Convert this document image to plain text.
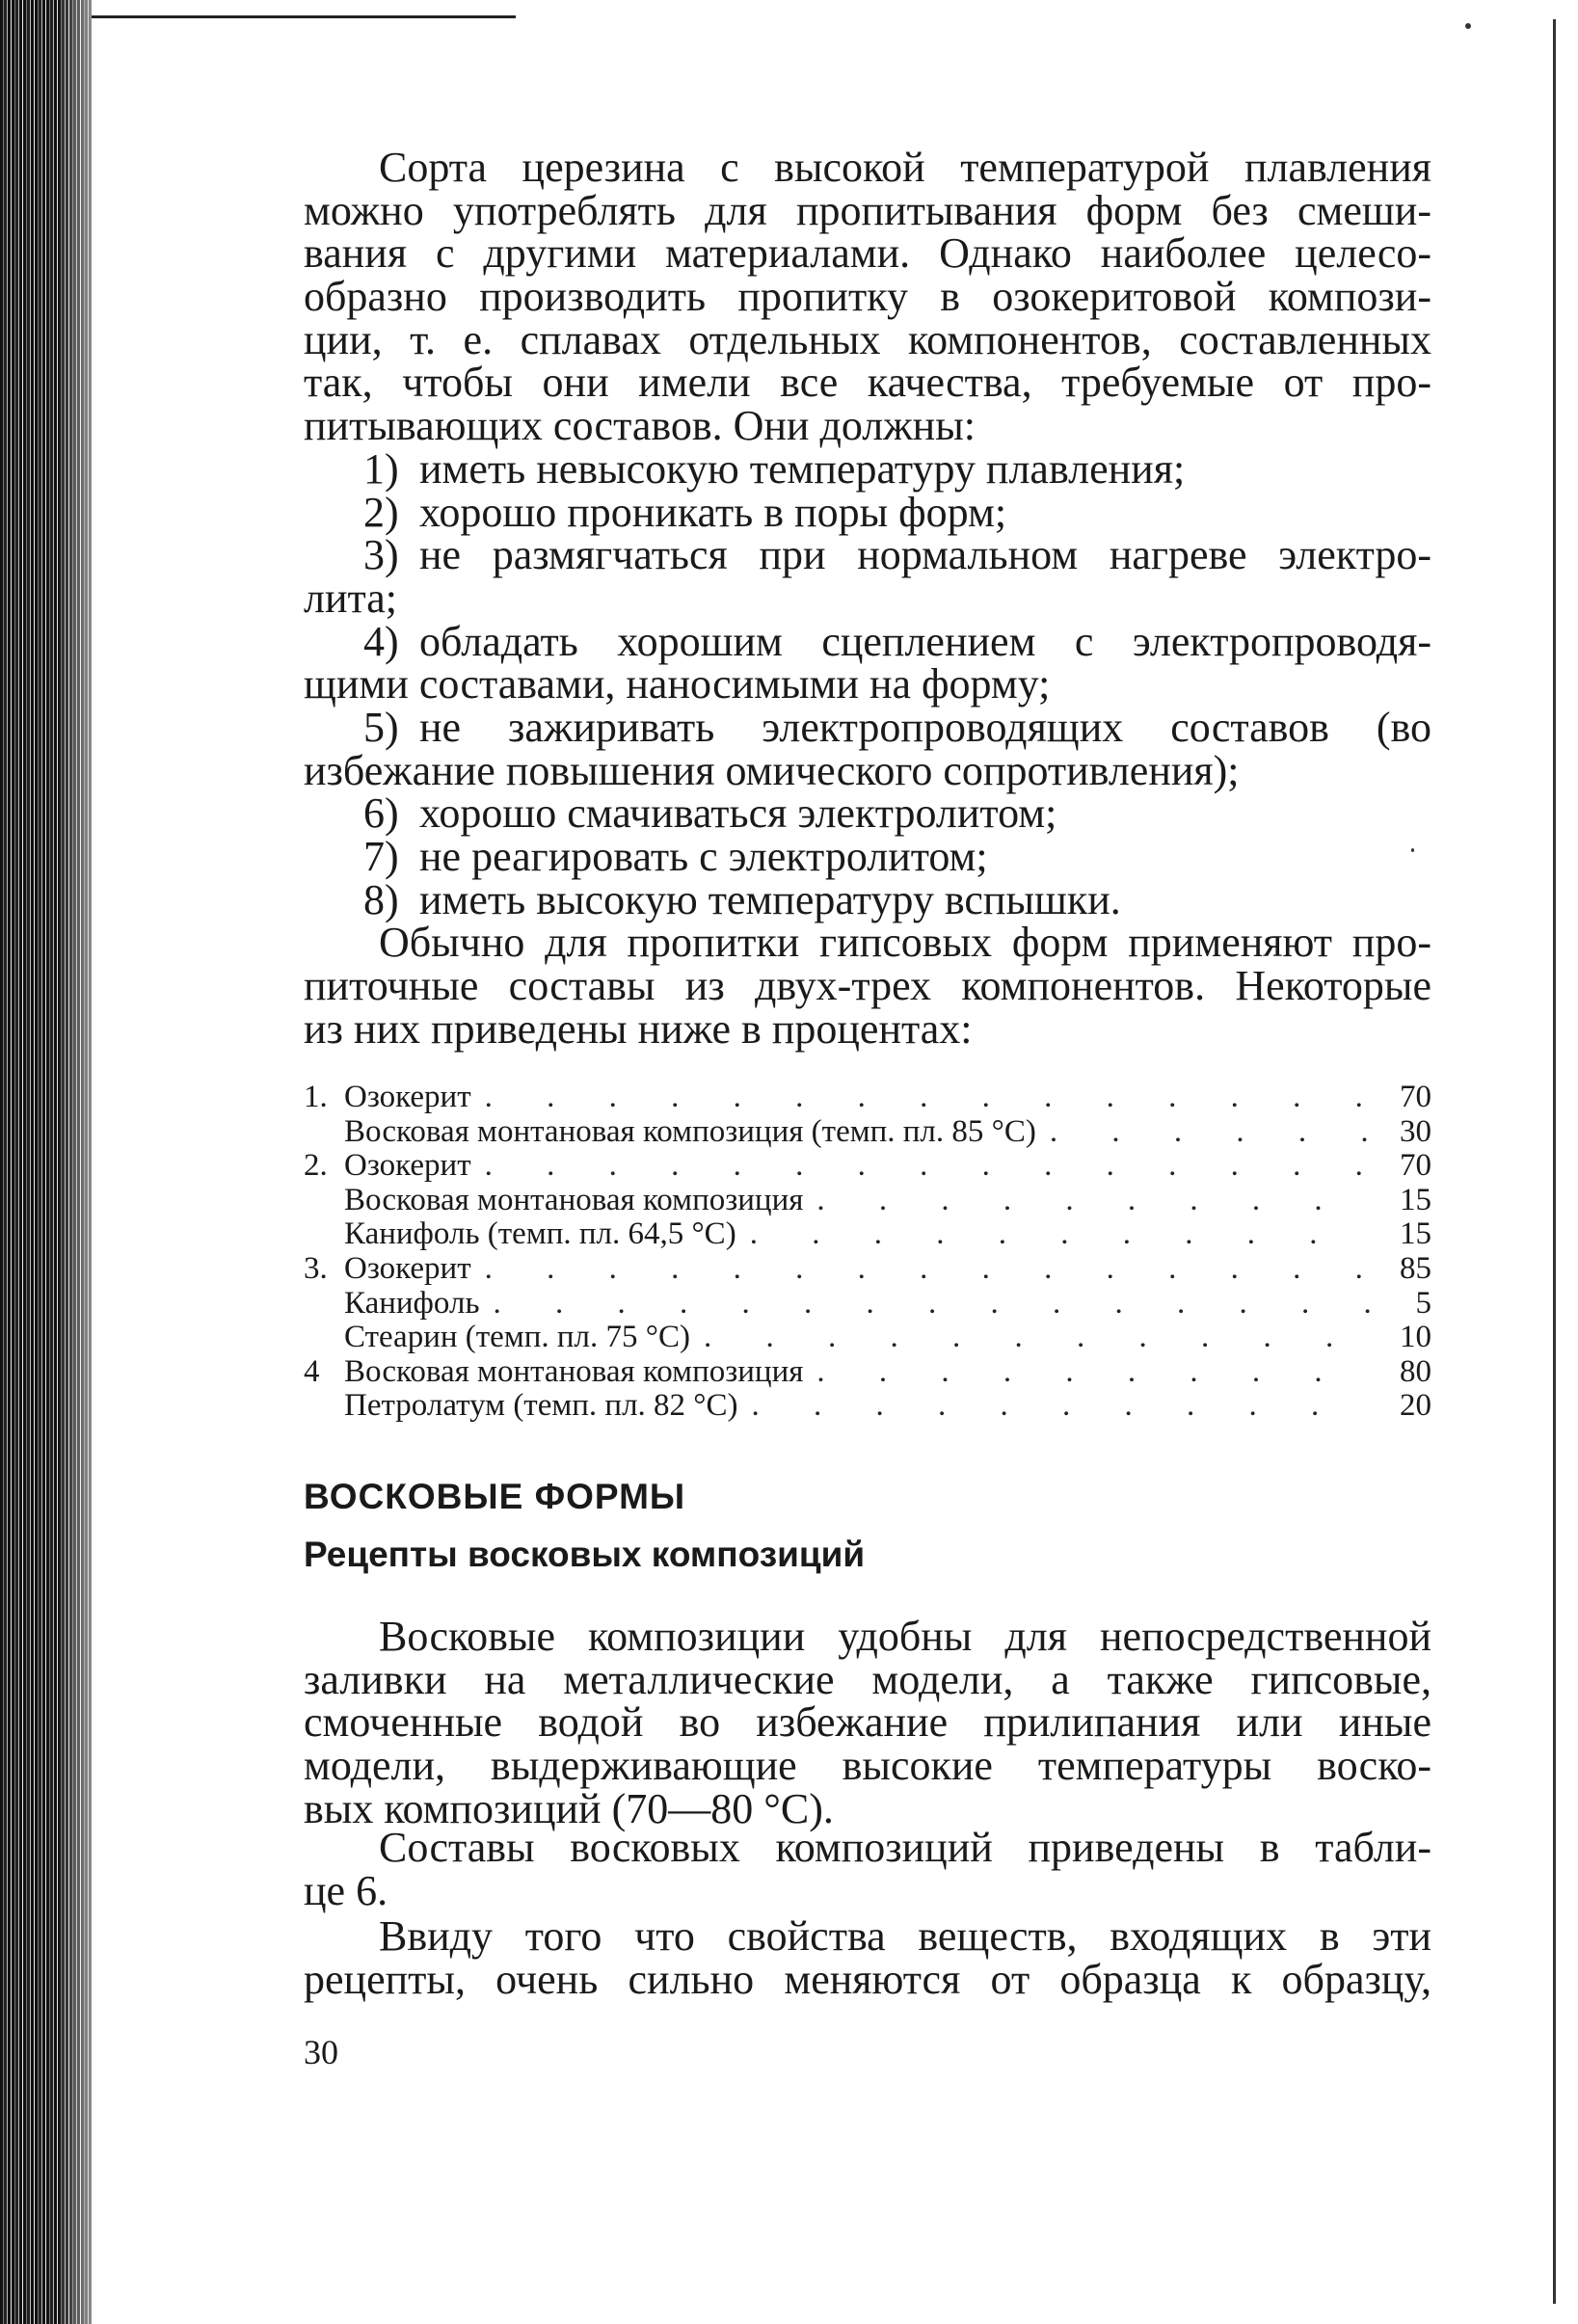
Сорта церезина с высокой температурой плавления
можно употреблять для пропитывания форм без смеши-
вания с другими материалами. Однако наиболее целесо-
образно производить пропитку в озокеритовой компози-
ции, т. е. сплавах отдельных компонентов, составленных
так, чтобы они имели все качества, требуемые от про-
питывающих составов. Они должны:
1) иметь невысокую температуру плавления;
2) хорошо проникать в поры форм;
3) не размягчаться при нормальном нагреве электро-
лита;
4) обладать хорошим сцеплением с электропроводя-
щими составами, наносимыми на форму;
5) не зажиривать электропроводящих составов (во
избежание повышения омического сопротивления);
6) хорошо смачиваться электролитом;
7) не реагировать с электролитом;
8) иметь высокую температуру вспышки.
Обычно для пропитки гипсовых форм применяют про-
питочные составы из двух-трех компонентов. Некоторые
из них приведены ниже в процентах:
1. Озокерит . . .	70
Восковая монтановая композиция (темп. пл. 85 °С) . . .	30
2. Озокерит . . .	70
Восковая монтановая композиция . . .	15
Канифоль (темп. пл. 64,5 °С) . . .	15
3. Озокерит . . .	85
Канифоль . . .	5
Стеарин (темп. пл. 75 °С) . . .	10
4 Восковая монтановая композиция . . .	80
Петролатум (темп. пл. 82 °С) . . .	20
ВОСКОВЫЕ ФОРМЫ
Рецепты восковых композиций
Восковые композиции удобны для непосредственной
заливки на металлические модели, а также гипсовые,
смоченные водой во избежание прилипания или иные
модели, выдерживающие высокие температуры воско-
вых композиций (70—80 °С).
Составы восковых композиций приведены в табли-
це 6.
Ввиду того что свойства веществ, входящих в эти
рецепты, очень сильно меняются от образца к образцу,
30
